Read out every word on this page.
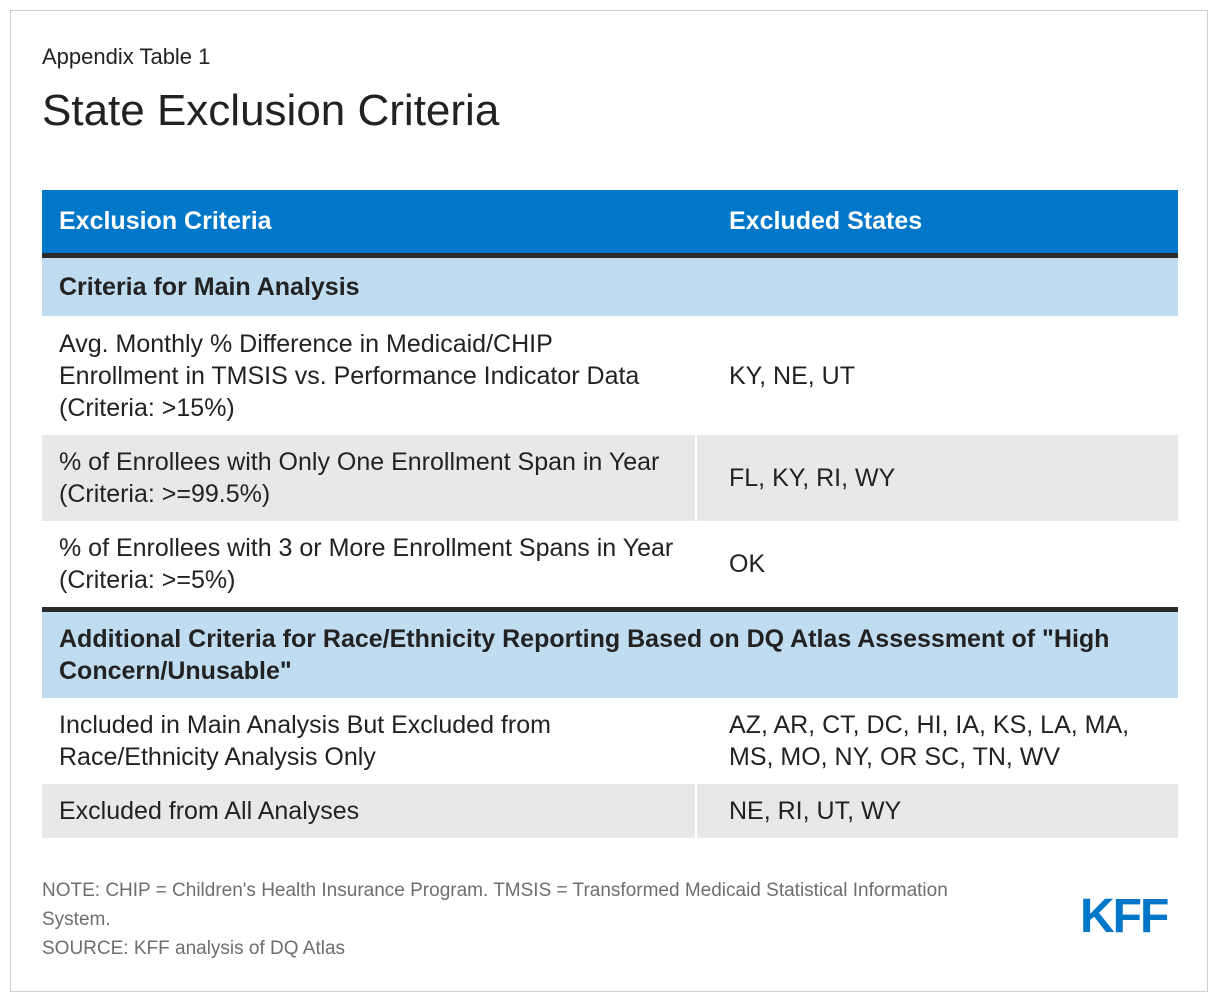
Appendix Table 1
State Exclusion Criteria
Exclusion Criteria	Excluded States
Criteria for Main Analysis
Avg. Monthly % Difference in Medicaid/CHIP Enrollment in TMSIS vs. Performance Indicator Data (Criteria: >15%)
KY, NE, UT
% of Enrollees with Only One Enrollment Span in Year (Criteria: >=99.5%)
FL, KY, RI, WY
% of Enrollees with 3 or More Enrollment Spans in Year (Criteria: >=5%)
OK
Additional Criteria for Race/Ethnicity Reporting Based on DQ Atlas Assessment of "High Concern/Unusable"
Included in Main Analysis But Excluded from Race/Ethnicity Analysis Only
AZ, AR, CT, DC, HI, IA, KS, LA, MA, MS, MO, NY, OR SC, TN, WV
Excluded from All Analyses	NE, RI, UT, WY
NOTE: CHIP = Children's Health Insurance Program. TMSIS = Transformed Medicaid Statistical Information System.
SOURCE: KFF analysis of DQ Atlas
KFF
